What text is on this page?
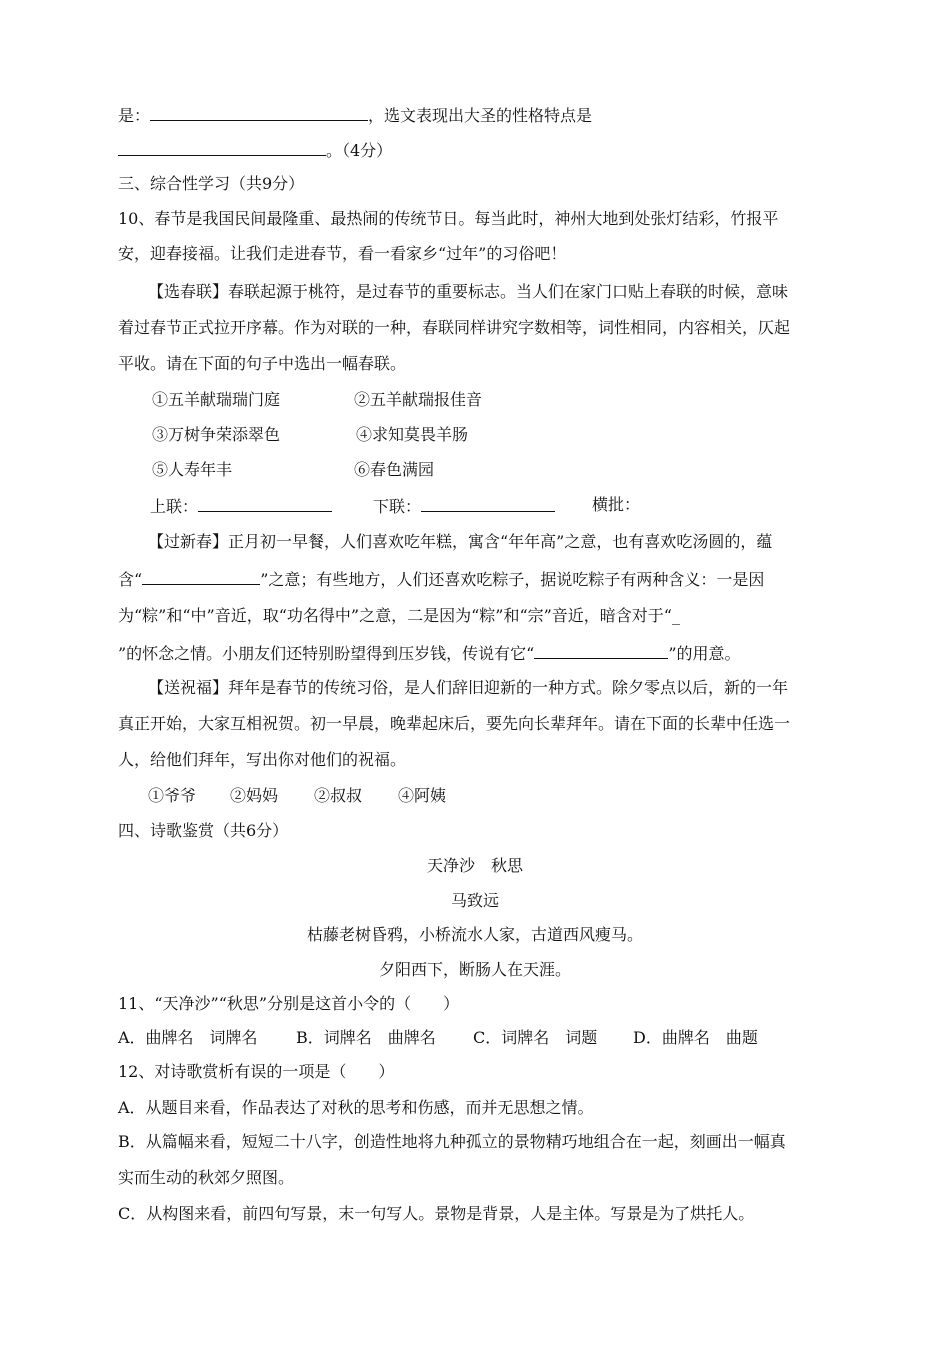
是：	，选文表现出大圣的性格特点是
。（4分）
三、综合性学习（共9分）
10、春节是我国民间最隆重、最热闹的传统节日。每当此时，神州大地到处张灯结彩，竹报平
安，迎春接福。让我们走进春节，看一看家乡“过年”的习俗吧！
【选春联】春联起源于桃符，是过春节的重要标志。当人们在家门口贴上春联的时候，意味
着过春节正式拉开序幕。作为对联的一种，春联同样讲究字数相等，词性相同，内容相关，仄起
平收。请在下面的句子中选出一幅春联。
①五羊献瑞瑞门庭	②五羊献瑞报佳音
③万树争荣添翠色	④求知莫畏羊肠
⑤人寿年丰	⑥春色满园
上联：	下联：	横批：
【过新春】正月初一早餐，人们喜欢吃年糕，寓含“年年高”之意，也有喜欢吃汤圆的，蕴
含“	”之意；有些地方，人们还喜欢吃粽子，据说吃粽子有两种含义：一是因
为“粽”和“中”音近，取“功名得中”之意，二是因为“粽”和“宗”音近，暗含对于“_
”的怀念之情。小朋友们还特别盼望得到压岁钱，传说有它“	”的用意。
【送祝福】拜年是春节的传统习俗，是人们辞旧迎新的一种方式。除夕零点以后，新的一年
真正开始，大家互相祝贺。初一早晨，晚辈起床后，要先向长辈拜年。请在下面的长辈中任选一
人，给他们拜年，写出你对他们的祝福。
①爷爷 ②妈妈 ②叔叔 ④阿姨
四、诗歌鉴赏（共6分）
天净沙　秋思
马致远
枯藤老树昏鸦，小桥流水人家，古道西风瘦马。
夕阳西下，断肠人在天涯。
11、“天净沙”“秋思”分别是这首小令的（　　）
A．曲牌名　词牌名 B．词牌名　曲牌名 C．词牌名　词题 D．曲牌名　曲题
12、对诗歌赏析有误的一项是（　　）
A．从题目来看，作品表达了对秋的思考和伤感，而并无思想之情。
B．从篇幅来看，短短二十八字，创造性地将九种孤立的景物精巧地组合在一起，刻画出一幅真
实而生动的秋郊夕照图。
C．从构图来看，前四句写景，末一句写人。景物是背景，人是主体。写景是为了烘托人。
